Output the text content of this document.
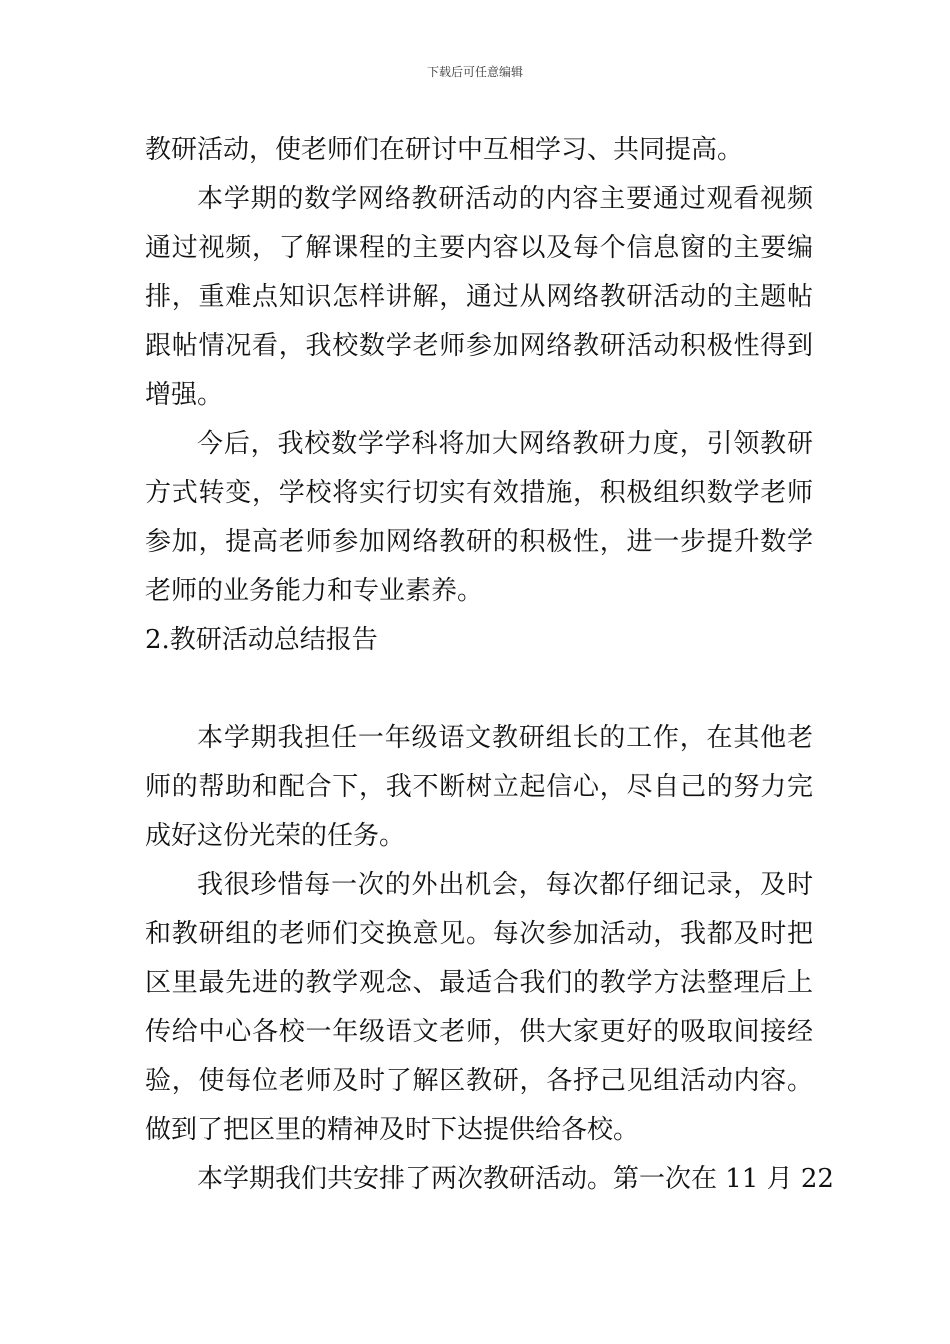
下载后可任意编辑
教研活动，使老师们在研讨中互相学习、共同提高。
本学期的数学网络教研活动的内容主要通过观看视频
通过视频，了解课程的主要内容以及每个信息窗的主要编
排，重难点知识怎样讲解，通过从网络教研活动的主题帖
跟帖情况看，我校数学老师参加网络教研活动积极性得到
增强。
今后，我校数学学科将加大网络教研力度，引领教研
方式转变，学校将实行切实有效措施，积极组织数学老师
参加，提高老师参加网络教研的积极性，进一步提升数学
老师的业务能力和专业素养。
2.教研活动总结报告
本学期我担任一年级语文教研组长的工作，在其他老
师的帮助和配合下，我不断树立起信心，尽自己的努力完
成好这份光荣的任务。
我很珍惜每一次的外出机会，每次都仔细记录，及时
和教研组的老师们交换意见。每次参加活动，我都及时把
区里最先进的教学观念、最适合我们的教学方法整理后上
传给中心各校一年级语文老师，供大家更好的吸取间接经
验，使每位老师及时了解区教研，各抒己见组活动内容。
做到了把区里的精神及时下达提供给各校。
本学期我们共安排了两次教研活动。第一次在 11 月 22
